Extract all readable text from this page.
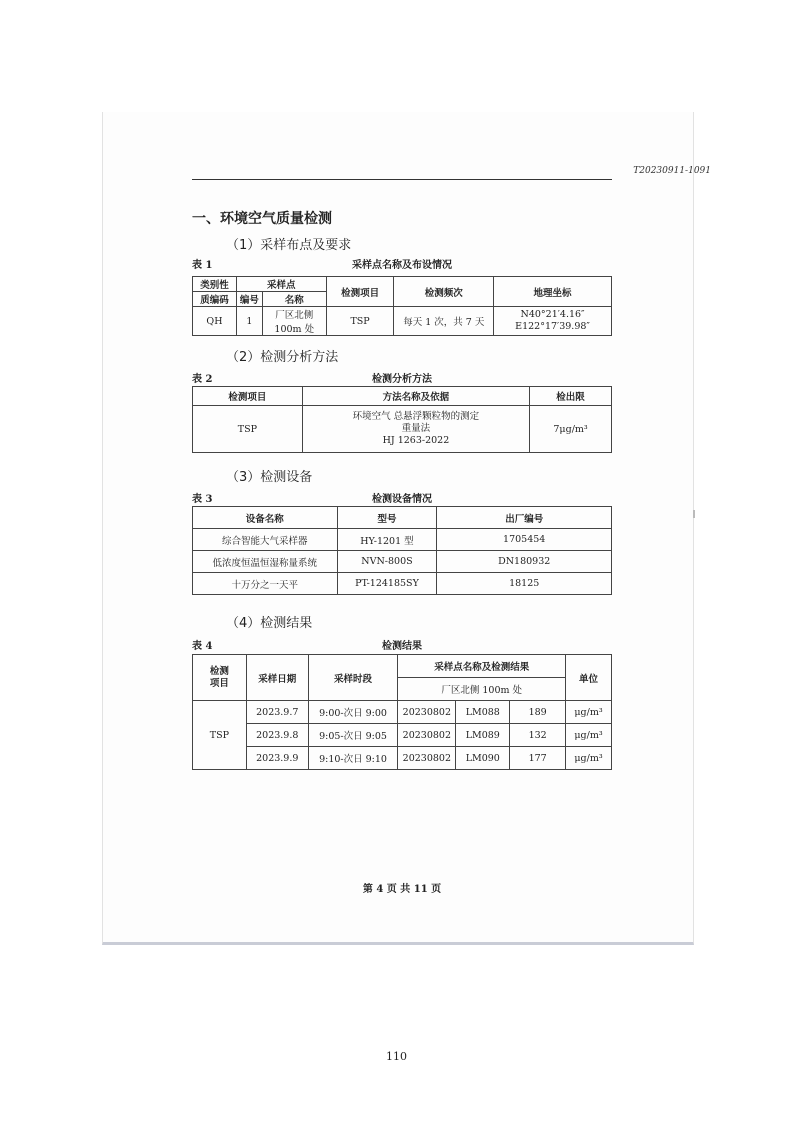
T20230911-1091
一、环境空气质量检测
（1）采样布点及要求
表 1	采样点名称及布设情况
类别性	采样点		检测项目	检测频次	地理坐标
质编码	编号	名称			
QH	1	厂区北侧 100m 处	TSP	每天 1 次，共 7 天	N40°21′4.16″
E122°17′39.98″
（2）检测分析方法
表 2	检测分析方法
检测项目	方法名称及依据	检出限
TSP	环境空气 总悬浮颗粒物的测定
重量法
HJ 1263-2022	7μg/m³
（3）检测设备
表 3	检测设备情况
设备名称	型号	出厂编号
综合智能大气采样器	HY-1201 型	1705454
低浓度恒温恒湿称量系统	NVN-800S	DN180932
十万分之一天平	PT-124185SY	18125
（4）检测结果
表 4	检测结果
检测
项目	采样日期	采样时段	采样点名称及检测结果			单位
			厂区北侧 100m 处			
TSP	2023.9.7	9:00-次日 9:00	20230802	LM088	189	μg/m³
	2023.9.8	9:05-次日 9:05	20230802	LM089	132	μg/m³
	2023.9.9	9:10-次日 9:10	20230802	LM090	177	μg/m³
第 4 页 共 11 页
110
